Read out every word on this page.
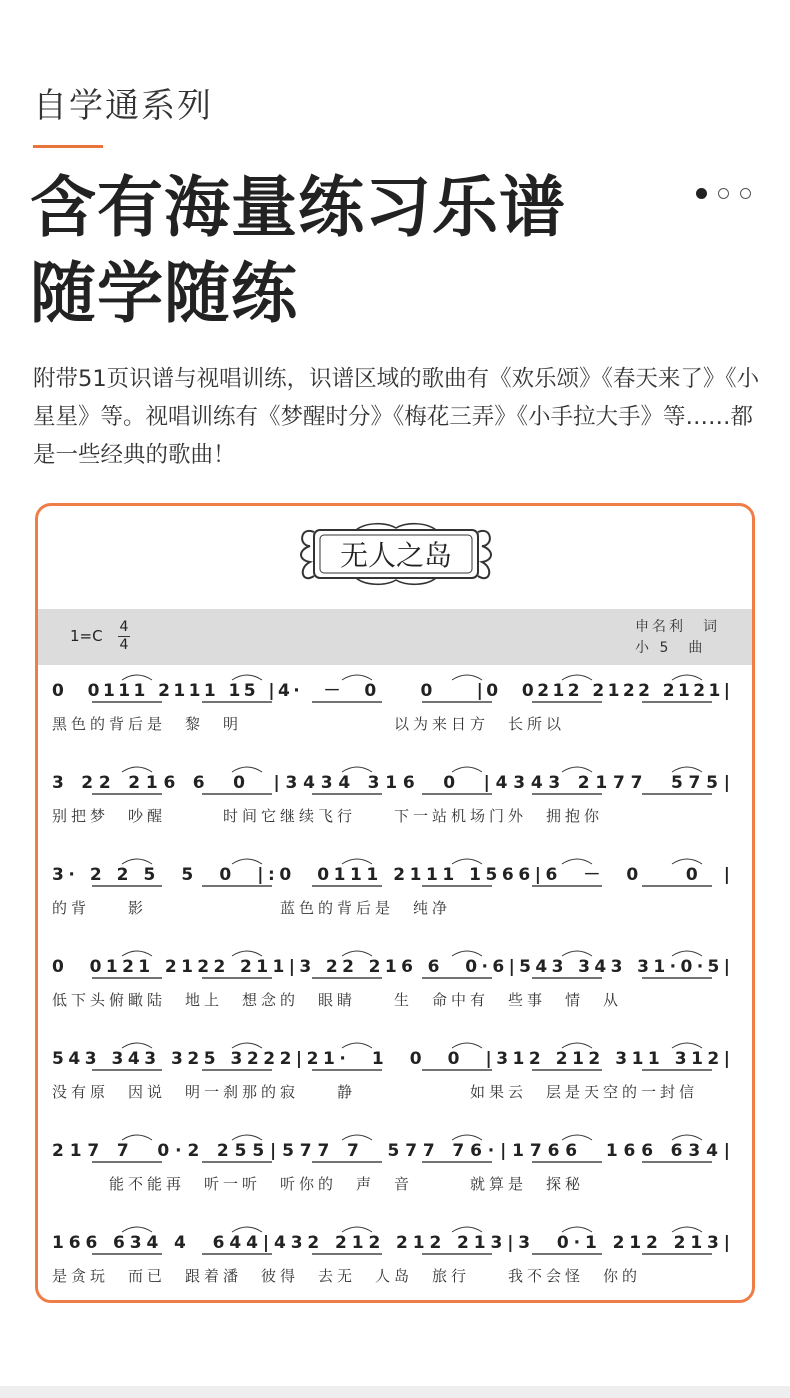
自学通系列
含有海量练习乐谱
随学随练
附带51页识谱与视唱训练，识谱区域的歌曲有《欢乐颂》《春天来了》《小星星》等。视唱训练有《梦醒时分》《梅花三弄》《小手拉大手》等……都是一些经典的歌曲！
无人之岛
1=C 4
4
申名利　词
小 5　曲
0　0111 2111 15 |4·　－　0　　0　　|0　0212 2122 2121|
黑色的背后是　黎　明　　　　　　　　以为来日方　长所以
3 22 216 6　0　|3434 316　0　|4343 2177　575|
别把梦　吵醒　　　时间它继续飞行　　下一站机场门外　拥抱你
3· 2 2 5　5　0　|:0　0111 2111 1566|6　－　0　　0　|
的背　　影　　　　　　　蓝色的背后是　纯净
0　0121 2122 211|3 22 216 6　0·6|543 343 31·0·5|
低下头俯瞰陆　地上　想念的　眼睛　　生　命中有　些事　情　从
543 343 325 3222|21·　1　0　0　|312 212 311 312|
没有原　因说　明一刹那的寂　　静　　　　　　如果云　层是天空的一封信
217 7　0·2 255|577 7　577 76·|1766　166 634|
　　　能不能再　听一听　听你的　声　音　　　就算是　探秘
166 634 4　644|432 212 212 213|3　0·1 212 213|
是贪玩　而已　跟着潘　彼得　去无　人岛　旅行　　我不会怪　你的
